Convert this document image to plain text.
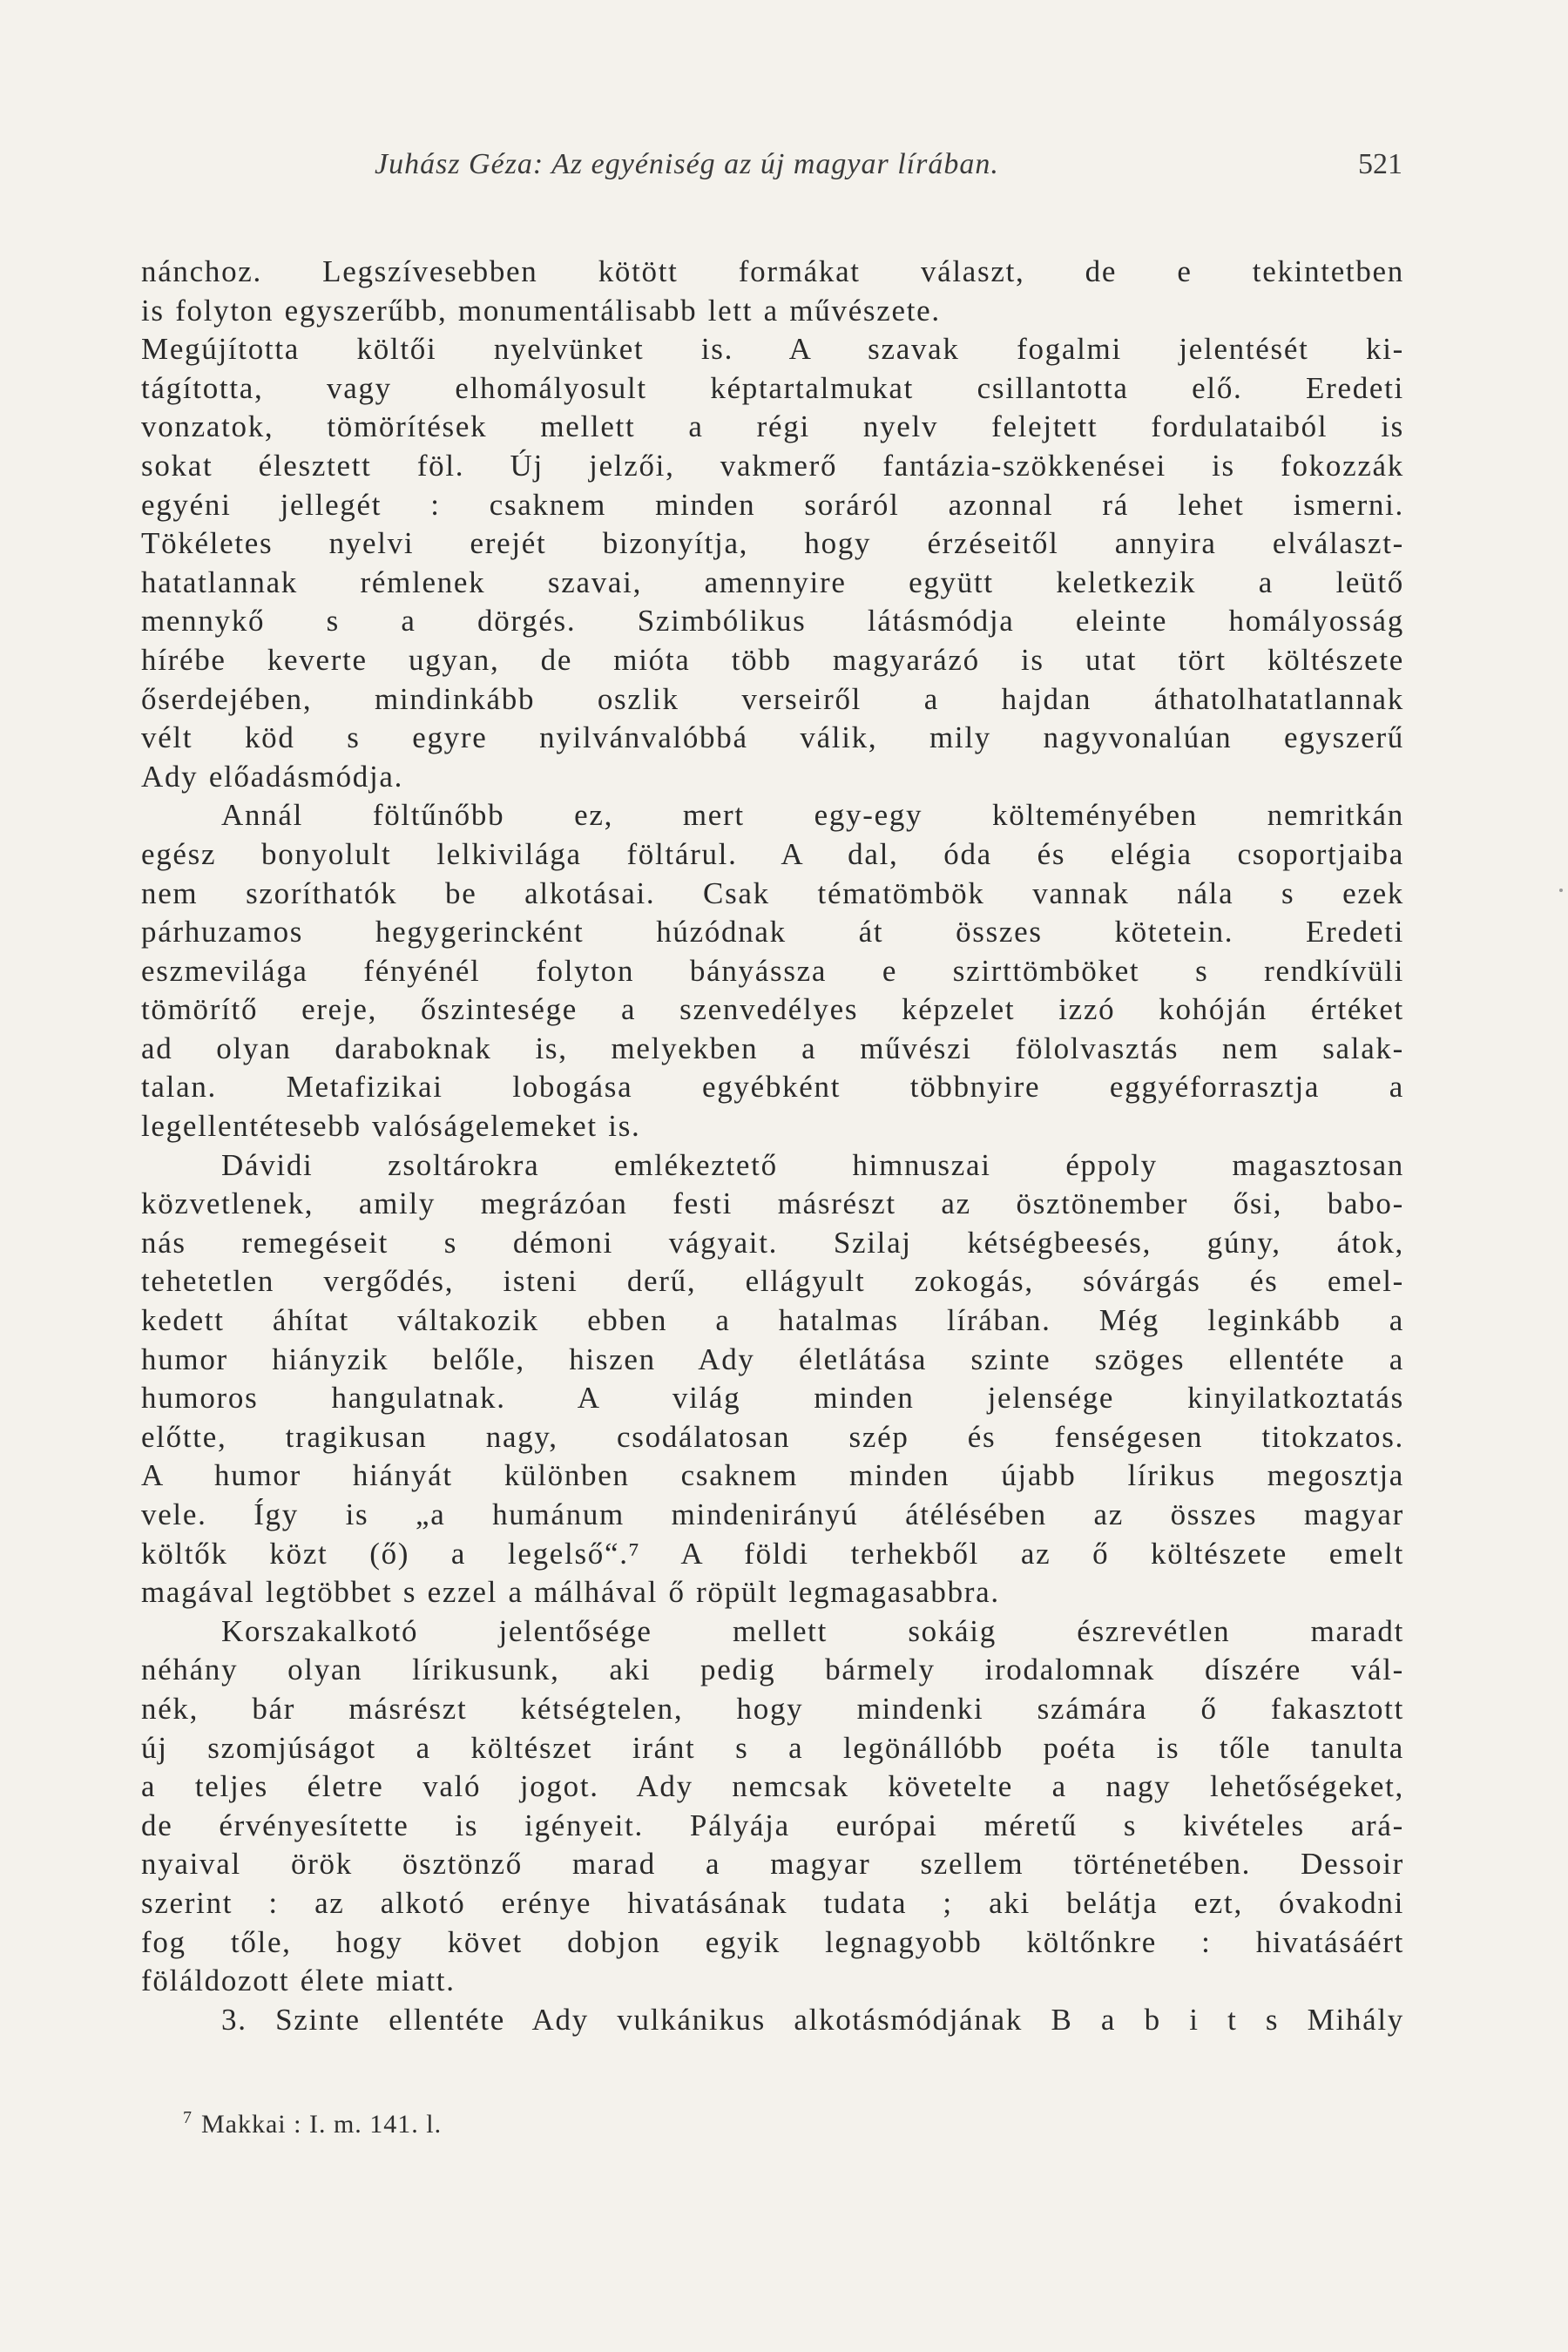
Juhász Géza: Az egyéniség az új magyar lírában.	521
nánchoz. Legszívesebben kötött formákat választ, de e tekintetben
is folyton egyszerűbb, monumentálisabb lett a művészete.
Megújította költői nyelvünket is. A szavak fogalmi jelentését ki-
tágította, vagy elhomályosult képtartalmukat csillantotta elő. Eredeti
vonzatok, tömörítések mellett a régi nyelv felejtett fordulataiból is
sokat élesztett föl. Új jelzői, vakmerő fantázia-szökkenései is fokozzák
egyéni jellegét : csaknem minden soráról azonnal rá lehet ismerni.
Tökéletes nyelvi erejét bizonyítja, hogy érzéseitől annyira elválaszt-
hatatlannak rémlenek szavai, amennyire együtt keletkezik a leütő
mennykő s a dörgés. Szimbólikus látásmódja eleinte homályosság
hírébe keverte ugyan, de mióta több magyarázó is utat tört költészete
őserdejében, mindinkább oszlik verseiről a hajdan áthatolhatatlannak
vélt köd s egyre nyilvánvalóbbá válik, mily nagyvonalúan egyszerű
Ady előadásmódja.
Annál föltűnőbb ez, mert egy-egy költeményében nemritkán
egész bonyolult lelkivilága föltárul. A dal, óda és elégia csoportjaiba
nem szoríthatók be alkotásai. Csak tématömbök vannak nála s ezek
párhuzamos hegygerincként húzódnak át összes kötetein. Eredeti
eszmevilága fényénél folyton bányássza e szirttömböket s rendkívüli
tömörítő ereje, őszintesége a szenvedélyes képzelet izzó kohóján értéket
ad olyan daraboknak is, melyekben a művészi fölolvasztás nem salak-
talan. Metafizikai lobogása egyébként többnyire eggyéforrasztja a
legellentétesebb valóságelemeket is.
Dávidi zsoltárokra emlékeztető himnuszai éppoly magasztosan
közvetlenek, amily megrázóan festi másrészt az ösztönember ősi, babo-
nás remegéseit s démoni vágyait. Szilaj kétségbeesés, gúny, átok,
tehetetlen vergődés, isteni derű, ellágyult zokogás, sóvárgás és emel-
kedett áhítat váltakozik ebben a hatalmas lírában. Még leginkább a
humor hiányzik belőle, hiszen Ady életlátása szinte szöges ellentéte a
humoros hangulatnak. A világ minden jelensége kinyilatkoztatás
előtte, tragikusan nagy, csodálatosan szép és fenségesen titokzatos.
A humor hiányát különben csaknem minden újabb lírikus megosztja
vele. Így is „a humánum mindenirányú átélésében az összes magyar
költők közt (ő) a legelső“.⁷ A földi terhekből az ő költészete emelt
magával legtöbbet s ezzel a málhával ő röpült legmagasabbra.
Korszakalkotó jelentősége mellett sokáig észrevétlen maradt
néhány olyan lírikusunk, aki pedig bármely irodalomnak díszére vál-
nék, bár másrészt kétségtelen, hogy mindenki számára ő fakasztott
új szomjúságot a költészet iránt s a legönállóbb poéta is tőle tanulta
a teljes életre való jogot. Ady nemcsak követelte a nagy lehetőségeket,
de érvényesítette is igényeit. Pályája európai méretű s kivételes ará-
nyaival örök ösztönző marad a magyar szellem történetében. Dessoir
szerint : az alkotó erénye hivatásának tudata ; aki belátja ezt, óvakodni
fog tőle, hogy követ dobjon egyik legnagyobb költőnkre : hivatásáért
föláldozott élete miatt.
3. Szinte ellentéte Ady vulkánikus alkotásmódjának B a b i t s Mihály
$^7$ Makkai : I. m. 141. l.
